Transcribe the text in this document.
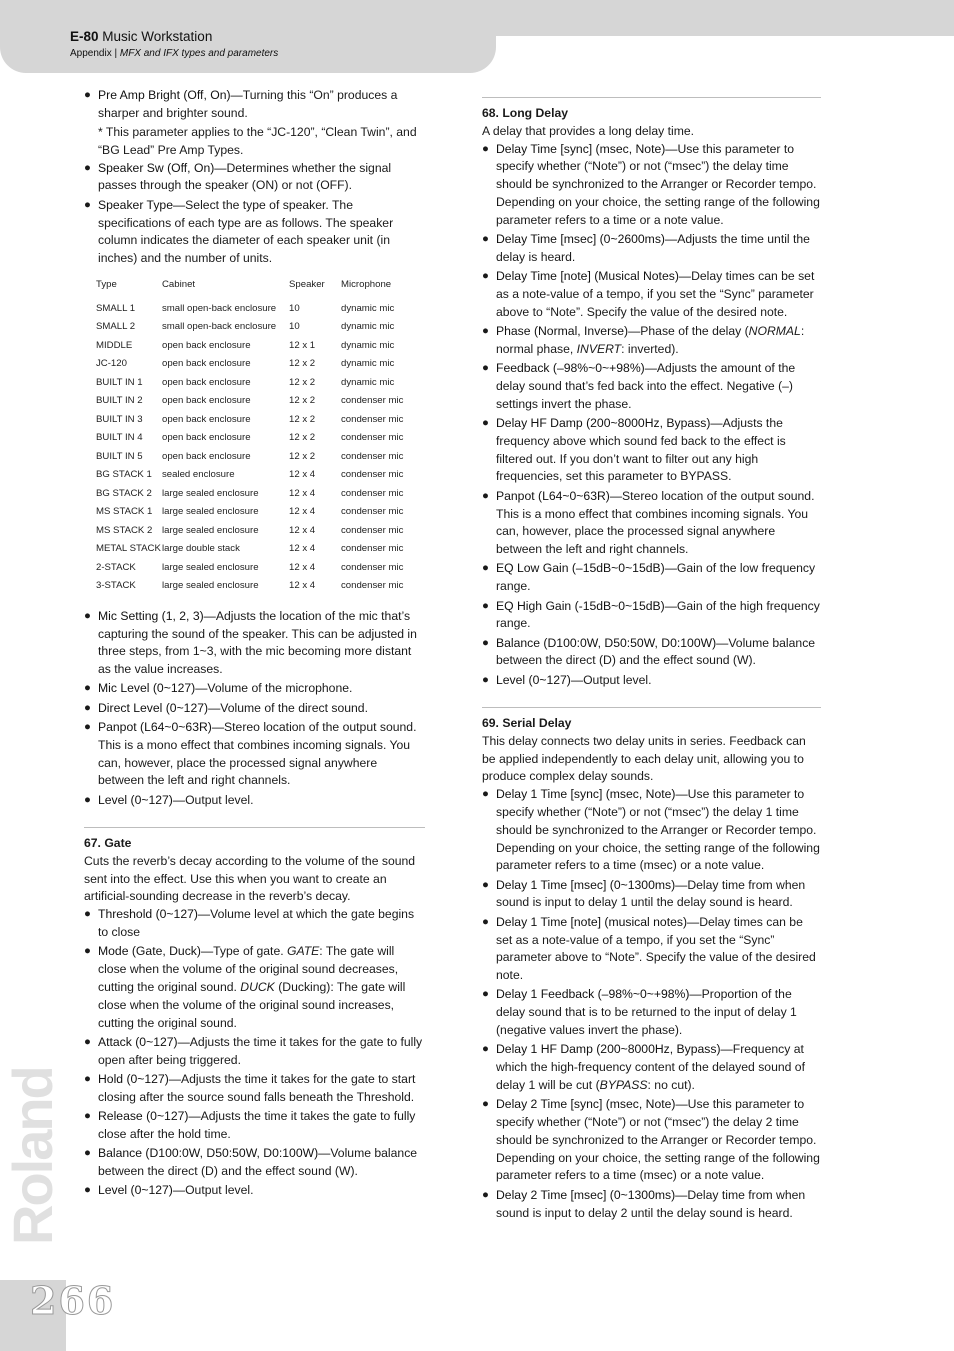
E-80 Music Workstation
Appendix | MFX and IFX types and parameters
Roland
266
● Pre Amp Bright (Off, On)—Turning this “On” produces a sharper and brighter sound.
* This parameter applies to the “JC-120”, “Clean Twin”, and “BG Lead” Pre Amp Types.
● Speaker Sw (Off, On)—Determines whether the signal passes through the speaker (ON) or not (OFF).
● Speaker Type—Select the type of speaker. The specifications of each type are as follows. The speaker column indicates the diameter of each speaker unit (in inches) and the number of units.
Type	Cabinet	Speaker	Microphone
SMALL 1	small open-back enclosure	10	dynamic mic
SMALL 2	small open-back enclosure	10	dynamic mic
MIDDLE	open back enclosure	12 x 1	dynamic mic
JC-120	open back enclosure	12 x 2	dynamic mic
BUILT IN 1	open back enclosure	12 x 2	dynamic mic
BUILT IN 2	open back enclosure	12 x 2	condenser mic
BUILT IN 3	open back enclosure	12 x 2	condenser mic
BUILT IN 4	open back enclosure	12 x 2	condenser mic
BUILT IN 5	open back enclosure	12 x 2	condenser mic
BG STACK 1	sealed enclosure	12 x 4	condenser mic
BG STACK 2	large sealed enclosure	12 x 4	condenser mic
MS STACK 1	large sealed enclosure	12 x 4	condenser mic
MS STACK 2	large sealed enclosure	12 x 4	condenser mic
METAL STACK	large double stack	12 x 4	condenser mic
2-STACK	large sealed enclosure	12 x 4	condenser mic
3-STACK	large sealed enclosure	12 x 4	condenser mic
● Mic Setting (1, 2, 3)—Adjusts the location of the mic that’s capturing the sound of the speaker. This can be adjusted in three steps, from 1~3, with the mic becoming more distant as the value increases.
● Mic Level (0~127)—Volume of the microphone.
● Direct Level (0~127)—Volume of the direct sound.
● Panpot (L64~0~63R)—Stereo location of the output sound. This is a mono effect that combines incoming signals. You can, however, place the processed signal anywhere between the left and right channels.
● Level (0~127)—Output level.
67. Gate
Cuts the reverb’s decay according to the volume of the sound sent into the effect. Use this when you want to create an artificial-sounding decrease in the reverb’s decay.
● Threshold (0~127)—Volume level at which the gate begins to close
● Mode (Gate, Duck)—Type of gate. GATE: The gate will close when the volume of the original sound decreases, cutting the original sound. DUCK (Ducking): The gate will close when the volume of the original sound increases, cutting the original sound.
● Attack (0~127)—Adjusts the time it takes for the gate to fully open after being triggered.
● Hold (0~127)—Adjusts the time it takes for the gate to start closing after the source sound falls beneath the Threshold.
● Release (0~127)—Adjusts the time it takes the gate to fully close after the hold time.
● Balance (D100:0W, D50:50W, D0:100W)—Volume balance between the direct (D) and the effect sound (W).
● Level (0~127)—Output level.
68. Long Delay
A delay that provides a long delay time.
● Delay Time [sync] (msec, Note)—Use this parameter to specify whether (“Note”) or not (“msec”) the delay time should be synchronized to the Arranger or Recorder tempo. Depending on your choice, the setting range of the following parameter refers to a time or a note value.
● Delay Time [msec] (0~2600ms)—Adjusts the time until the delay is heard.
● Delay Time [note] (Musical Notes)—Delay times can be set as a note-value of a tempo, if you set the “Sync” parameter above to “Note”. Specify the value of the desired note.
● Phase (Normal, Inverse)—Phase of the delay (NORMAL: normal phase, INVERT: inverted).
● Feedback (–98%~0~+98%)—Adjusts the amount of the delay sound that’s fed back into the effect. Negative (–) settings invert the phase.
● Delay HF Damp (200~8000Hz, Bypass)—Adjusts the frequency above which sound fed back to the effect is filtered out. If you don’t want to filter out any high frequencies, set this parameter to BYPASS.
● Panpot (L64~0~63R)—Stereo location of the output sound. This is a mono effect that combines incoming signals. You can, however, place the processed signal anywhere between the left and right channels.
● EQ Low Gain (–15dB~0~15dB)—Gain of the low frequency range.
● EQ High Gain (-15dB~0~15dB)—Gain of the high frequency range.
● Balance (D100:0W, D50:50W, D0:100W)—Volume balance between the direct (D) and the effect sound (W).
● Level (0~127)—Output level.
69. Serial Delay
This delay connects two delay units in series. Feedback can be applied independently to each delay unit, allowing you to produce complex delay sounds.
● Delay 1 Time [sync] (msec, Note)—Use this parameter to specify whether (“Note”) or not (“msec”) the delay 1 time should be synchronized to the Arranger or Recorder tempo. Depending on your choice, the setting range of the following parameter refers to a time (msec) or a note value.
● Delay 1 Time [msec] (0~1300ms)—Delay time from when sound is input to delay 1 until the delay sound is heard.
● Delay 1 Time [note] (musical notes)—Delay times can be set as a note-value of a tempo, if you set the “Sync” parameter above to “Note”. Specify the value of the desired note.
● Delay 1 Feedback (–98%~0~+98%)—Proportion of the delay sound that is to be returned to the input of delay 1 (negative values invert the phase).
● Delay 1 HF Damp (200~8000Hz, Bypass)—Frequency at which the high-frequency content of the delayed sound of delay 1 will be cut (BYPASS: no cut).
● Delay 2 Time [sync] (msec, Note)—Use this parameter to specify whether (“Note”) or not (“msec”) the delay 2 time should be synchronized to the Arranger or Recorder tempo. Depending on your choice, the setting range of the following parameter refers to a time (msec) or a note value.
● Delay 2 Time [msec] (0~1300ms)—Delay time from when sound is input to delay 2 until the delay sound is heard.
